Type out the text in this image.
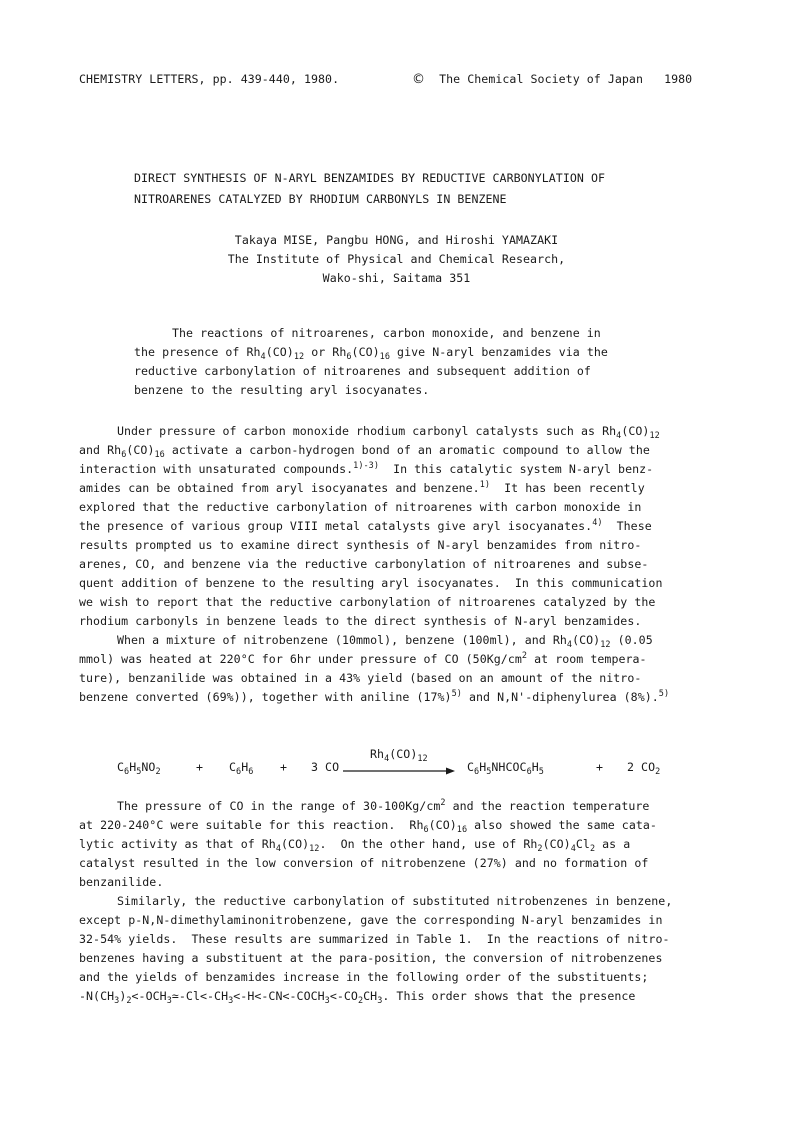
CHEMISTRY LETTERS, pp. 439-440, 1980.	© The Chemical Society of Japan 1980
DIRECT SYNTHESIS OF N-ARYL BENZAMIDES BY REDUCTIVE CARBONYLATION OF
NITROARENES CATALYZED BY RHODIUM CARBONYLS IN BENZENE
Takaya MISE, Pangbu HONG, and Hiroshi YAMAZAKI
The Institute of Physical and Chemical Research,
Wako-shi, Saitama 351
The reactions of nitroarenes, carbon monoxide, and benzene in
the presence of $Rh_4(CO)_{12}$ or $Rh_6(CO)_{16}$ give N-aryl benzamides via the
reductive carbonylation of nitroarenes and subsequent addition of
benzene to the resulting aryl isocyanates.
Under pressure of carbon monoxide rhodium carbonyl catalysts such as $Rh_4(CO)_{12}$
and $Rh_6(CO)_{16}$ activate a carbon-hydrogen bond of an aromatic compound to allow the
interaction with unsaturated compounds.$^{1)-3)}$  In this catalytic system N-aryl benz-
amides can be obtained from aryl isocyanates and benzene.$^{1)}$  It has been recently
explored that the reductive carbonylation of nitroarenes with carbon monoxide in
the presence of various group VIII metal catalysts give aryl isocyanates.$^{4)}$  These
results prompted us to examine direct synthesis of N-aryl benzamides from nitro-
arenes, CO, and benzene via the reductive carbonylation of nitroarenes and subse-
quent addition of benzene to the resulting aryl isocyanates.  In this communication
we wish to report that the reductive carbonylation of nitroarenes catalyzed by the
rhodium carbonyls in benzene leads to the direct synthesis of N-aryl benzamides.
When a mixture of nitrobenzene (10mmol), benzene (100ml), and $Rh_4(CO)_{12}$ (0.05
mmol) was heated at 220°C for 6hr under pressure of CO ($50Kg/cm^2$ at room tempera-
ture), benzanilide was obtained in a 43% yield (based on an amount of the nitro-
benzene converted (69%)), together with aniline $(17\%)^{5)}$ and N,N'-diphenylurea (8%).$^{5)}$
$C_6H_5NO_2$	+ $C_6H_6 + 3$ CO
$Rh_4(CO)_{12}$
$C_6H_5NHCOC_6H_5$	+ 2 $CO_2$
The pressure of CO in the range of $30-100Kg/cm^2$ and the reaction temperature
at 220-240°C were suitable for this reaction.  $Rh_6(CO)_{16}$ also showed the same cata-
lytic activity as that of $Rh_4(CO)_{12}$.  On the other hand, use of $Rh_2(CO)_4Cl_2$ as a
catalyst resulted in the low conversion of nitrobenzene (27%) and no formation of
benzanilide.
Similarly, the reductive carbonylation of substituted nitrobenzenes in benzene,
except p-N,N-dimethylaminonitrobenzene, gave the corresponding N-aryl benzamides in
32-54% yields.  These results are summarized in Table 1.  In the reactions of nitro-
benzenes having a substituent at the para-position, the conversion of nitrobenzenes
and the yields of benzamides increase in the following order of the substituents;
$-N(CH_3)_2<-OCH_3≃-Cl<-CH_3<-H<-CN<-COCH_3<-CO_2CH_3$. This order shows that the presence
